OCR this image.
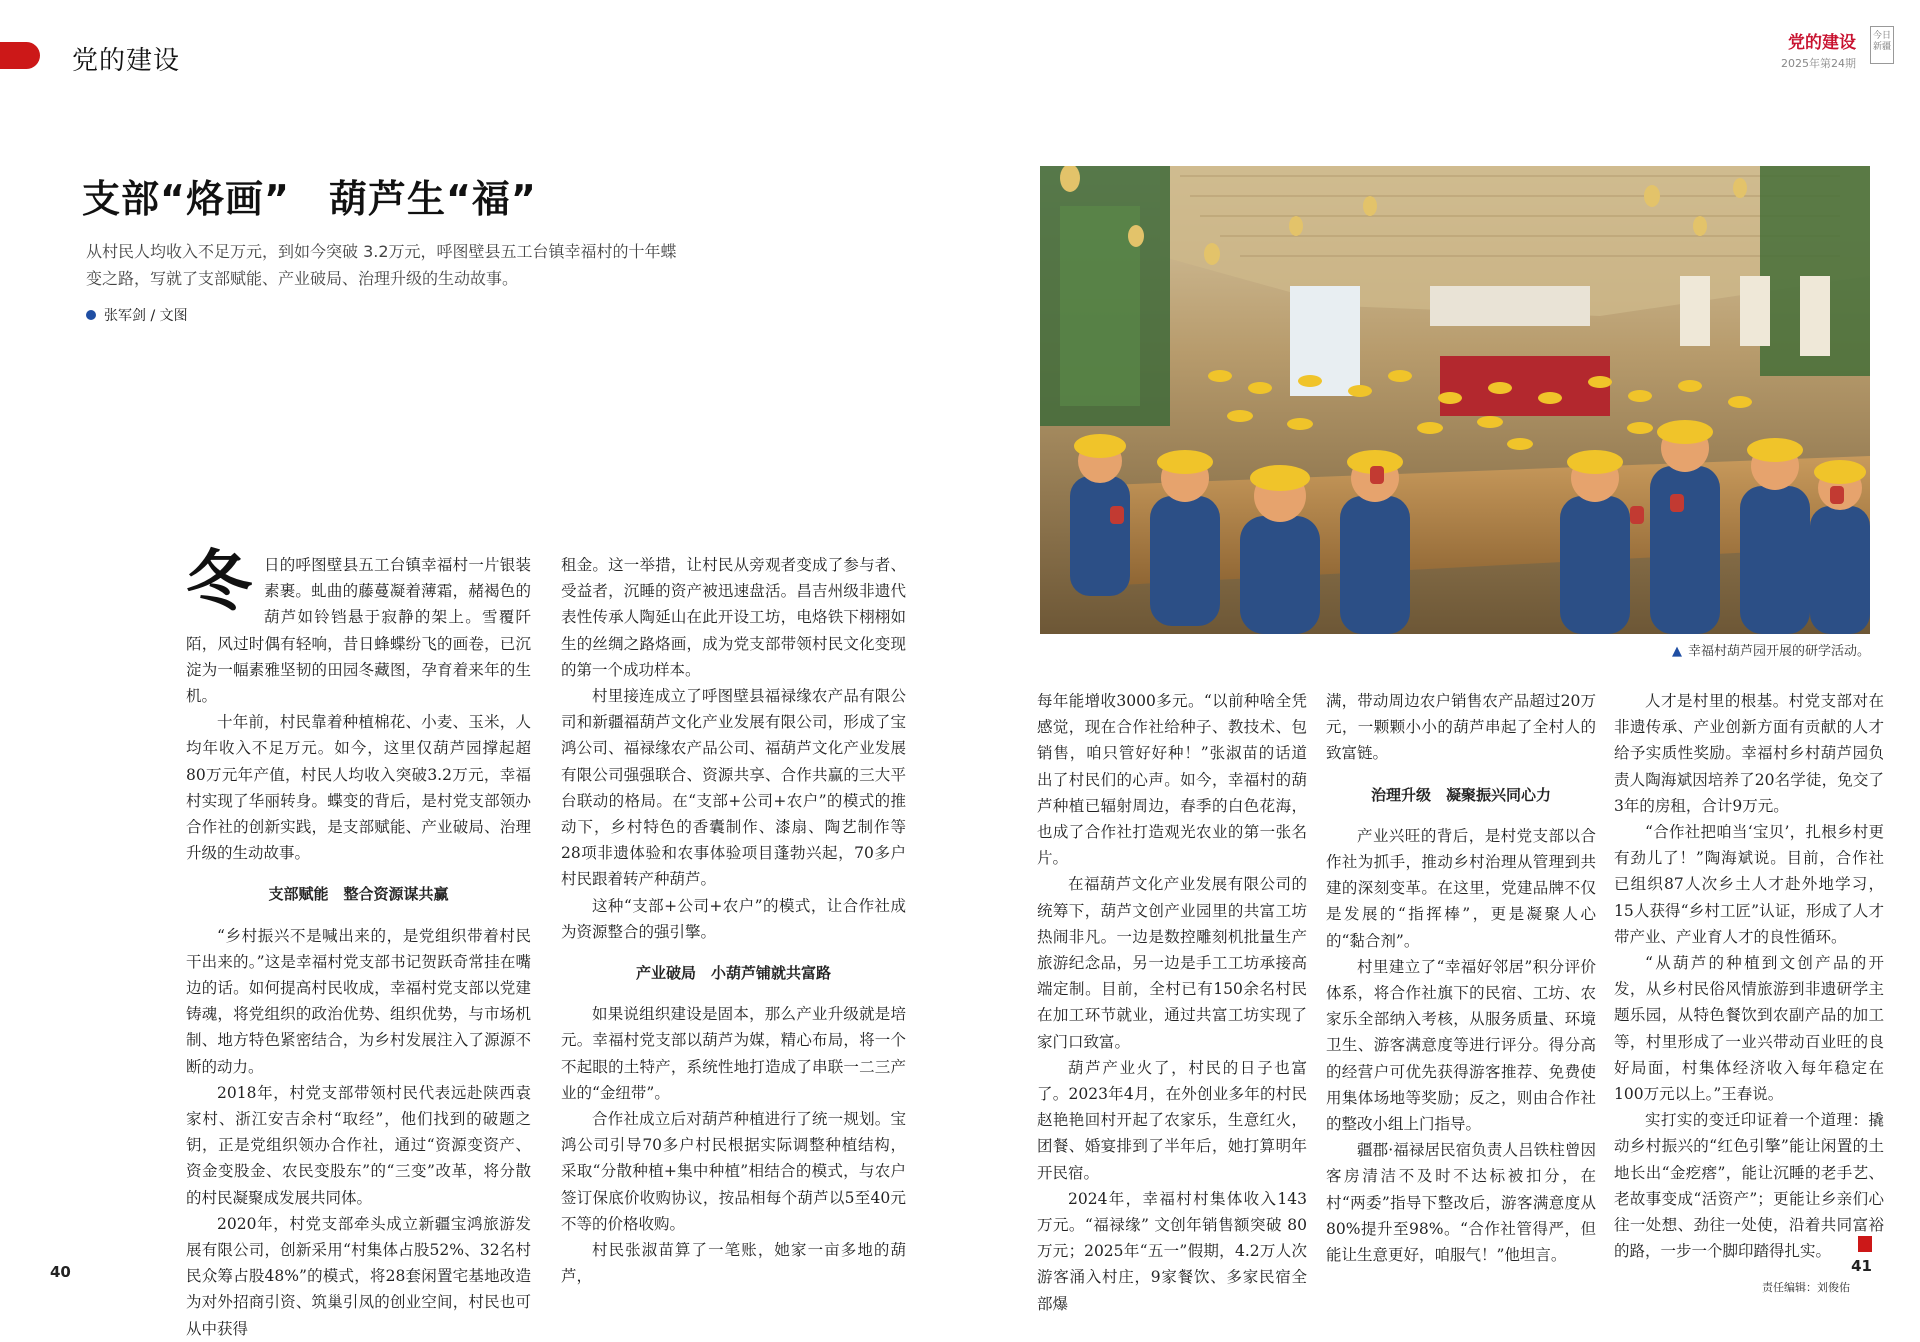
党的建设
党的建设
2025年第24期
今日 新疆
支部“烙画”　葫芦生“福”
从村民人均收入不足万元，到如今突破 3.2万元，呼图壁县五工台镇幸福村的十年蝶变之路，写就了支部赋能、产业破局、治理升级的生动故事。
张军剑 / 文图

冬日的呼图壁县五工台镇幸福村一片银装素裹。虬曲的藤蔓凝着薄霜，赭褐色的葫芦如铃铛悬于寂静的架上。雪覆阡陌，风过时偶有轻响，昔日蜂蝶纷飞的画卷，已沉淀为一幅素雅坚韧的田园冬藏图，孕育着来年的生机。

十年前，村民靠着种植棉花、小麦、玉米，人均年收入不足万元。如今，这里仅葫芦园撑起超80万元年产值，村民人均收入突破3.2万元，幸福村实现了华丽转身。蝶变的背后，是村党支部领办合作社的创新实践，是支部赋能、产业破局、治理升级的生动故事。

支部赋能　整合资源谋共赢

“乡村振兴不是喊出来的，是党组织带着村民干出来的。”这是幸福村党支部书记贺跃奇常挂在嘴边的话。如何提高村民收成，幸福村党支部以党建铸魂，将党组织的政治优势、组织优势，与市场机制、地方特色紧密结合，为乡村发展注入了源源不断的动力。

2018年，村党支部带领村民代表远赴陕西袁家村、浙江安吉余村“取经”，他们找到的破题之钥，正是党组织领办合作社，通过“资源变资产、资金变股金、农民变股东”的“三变”改革，将分散的村民凝聚成发展共同体。

2020年，村党支部牵头成立新疆宝鸿旅游发展有限公司，创新采用“村集体占股52%、32名村民众筹占股48%”的模式，将28套闲置宅基地改造为对外招商引资、筑巢引凤的创业空间，村民也可从中获得

租金。这一举措，让村民从旁观者变成了参与者、受益者，沉睡的资产被迅速盘活。昌吉州级非遗代表性传承人陶延山在此开设工坊，电烙铁下栩栩如生的丝绸之路烙画，成为党支部带领村民文化变现的第一个成功样本。

村里接连成立了呼图壁县福禄缘农产品有限公司和新疆福葫芦文化产业发展有限公司，形成了宝鸿公司、福禄缘农产品公司、福葫芦文化产业发展有限公司强强联合、资源共享、合作共赢的三大平台联动的格局。在“支部+公司+农户”的模式的推动下，乡村特色的香囊制作、漆扇、陶艺制作等28项非遗体验和农事体验项目蓬勃兴起，70多户村民跟着转产种葫芦。

这种“支部+公司+农户”的模式，让合作社成为资源整合的强引擎。

产业破局　小葫芦铺就共富路

如果说组织建设是固本，那么产业升级就是培元。幸福村党支部以葫芦为媒，精心布局，将一个不起眼的土特产，系统性地打造成了串联一二三产业的“金纽带”。

合作社成立后对葫芦种植进行了统一规划。宝鸿公司引导70多户村民根据实际调整种植结构，采取“分散种植+集中种植”相结合的模式，与农户签订保底价收购协议，按品相每个葫芦以5至40元不等的价格收购。

村民张淑苗算了一笔账，她家一亩多地的葫芦，

▲ 幸福村葫芦园开展的研学活动。

每年能增收3000多元。“以前种啥全凭感觉，现在合作社给种子、教技术、包销售，咱只管好好种！”张淑苗的话道出了村民们的心声。如今，幸福村的葫芦种植已辐射周边，春季的白色花海，也成了合作社打造观光农业的第一张名片。

在福葫芦文化产业发展有限公司的统筹下，葫芦文创产业园里的共富工坊热闹非凡。一边是数控雕刻机批量生产旅游纪念品，另一边是手工工坊承接高端定制。目前，全村已有150余名村民在加工环节就业，通过共富工坊实现了家门口致富。

葫芦产业火了，村民的日子也富了。2023年4月，在外创业多年的村民赵艳艳回村开起了农家乐，生意红火，团餐、婚宴排到了半年后，她打算明年开民宿。

2024年，幸福村村集体收入143万元。“福禄缘” 文创年销售额突破 80万元；2025年“五一”假期，4.2万人次游客涌入村庄，9家餐饮、多家民宿全部爆

满，带动周边农户销售农产品超过20万元，一颗颗小小的葫芦串起了全村人的致富链。

治理升级　凝聚振兴同心力

产业兴旺的背后，是村党支部以合作社为抓手，推动乡村治理从管理到共建的深刻变革。在这里，党建品牌不仅是发展的“指挥棒”，更是凝聚人心的“黏合剂”。

村里建立了“幸福好邻居”积分评价体系，将合作社旗下的民宿、工坊、农家乐全部纳入考核，从服务质量、环境卫生、游客满意度等进行评分。得分高的经营户可优先获得游客推荐、免费使用集体场地等奖励；反之，则由合作社的整改小组上门指导。

疆郡·福禄居民宿负责人吕铁柱曾因客房清洁不及时不达标被扣分，在村“两委”指导下整改后，游客满意度从80%提升至98%。“合作社管得严，但能让生意更好，咱服气！”他坦言。

人才是村里的根基。村党支部对在非遗传承、产业创新方面有贡献的人才给予实质性奖励。幸福村乡村葫芦园负责人陶海斌因培养了20名学徒，免交了3年的房租，合计9万元。

“合作社把咱当‘宝贝’，扎根乡村更有劲儿了！”陶海斌说。目前，合作社已组织87人次乡土人才赴外地学习，15人获得“乡村工匠”认证，形成了人才带产业、产业育人才的良性循环。

“从葫芦的种植到文创产品的开发，从乡村民俗风情旅游到非遗研学主题乐园，从特色餐饮到农副产品的加工等，村里形成了一业兴带动百业旺的良好局面，村集体经济收入每年稳定在100万元以上。”王春说。

实打实的变迁印证着一个道理：撬动乡村振兴的“红色引擎”能让闲置的土地长出“金疙瘩”，能让沉睡的老手艺、老故事变成“活资产”；更能让乡亲们心往一处想、劲往一处使，沿着共同富裕的路，一步一个脚印踏得扎实。

40	41
责任编辑：刘俊佑
